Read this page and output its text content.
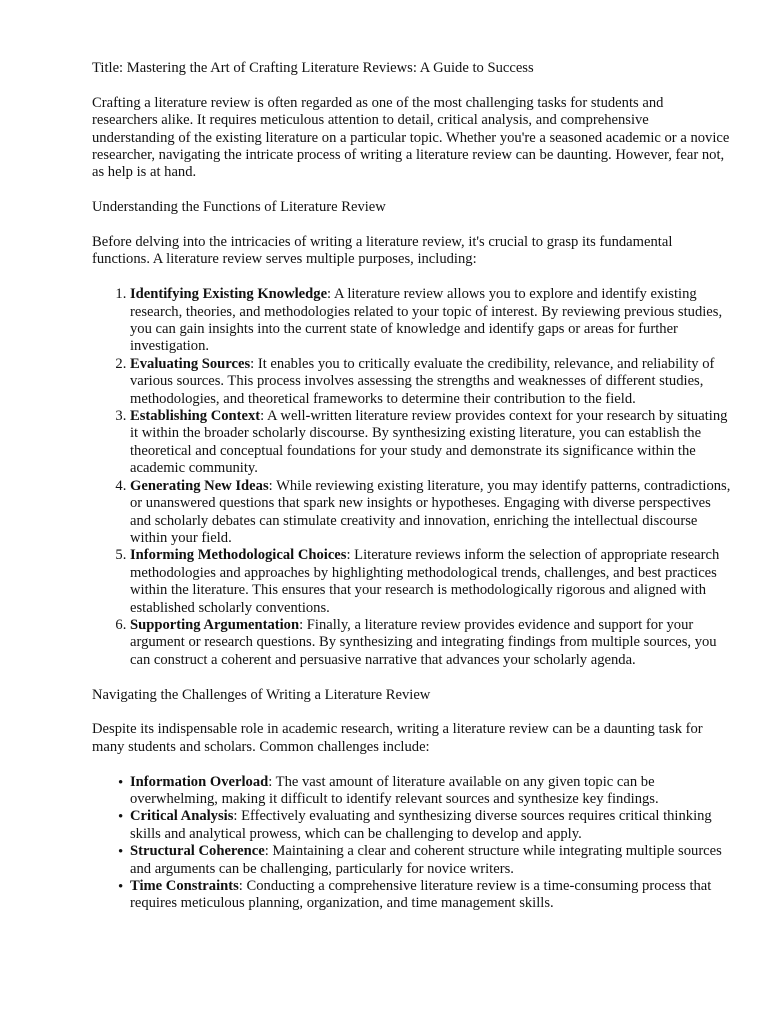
Title: Mastering the Art of Crafting Literature Reviews: A Guide to Success

Crafting a literature review is often regarded as one of the most challenging tasks for students and researchers alike. It requires meticulous attention to detail, critical analysis, and comprehensive understanding of the existing literature on a particular topic. Whether you're a seasoned academic or a novice researcher, navigating the intricate process of writing a literature review can be daunting. However, fear not, as help is at hand.

Understanding the Functions of Literature Review

Before delving into the intricacies of writing a literature review, it's crucial to grasp its fundamental functions. A literature review serves multiple purposes, including:

1. Identifying Existing Knowledge: A literature review allows you to explore and identify existing research, theories, and methodologies related to your topic of interest. By reviewing previous studies, you can gain insights into the current state of knowledge and identify gaps or areas for further investigation.
2. Evaluating Sources: It enables you to critically evaluate the credibility, relevance, and reliability of various sources. This process involves assessing the strengths and weaknesses of different studies, methodologies, and theoretical frameworks to determine their contribution to the field.
3. Establishing Context: A well-written literature review provides context for your research by situating it within the broader scholarly discourse. By synthesizing existing literature, you can establish the theoretical and conceptual foundations for your study and demonstrate its significance within the academic community.
4. Generating New Ideas: While reviewing existing literature, you may identify patterns, contradictions, or unanswered questions that spark new insights or hypotheses. Engaging with diverse perspectives and scholarly debates can stimulate creativity and innovation, enriching the intellectual discourse within your field.
5. Informing Methodological Choices: Literature reviews inform the selection of appropriate research methodologies and approaches by highlighting methodological trends, challenges, and best practices within the literature. This ensures that your research is methodologically rigorous and aligned with established scholarly conventions.
6. Supporting Argumentation: Finally, a literature review provides evidence and support for your argument or research questions. By synthesizing and integrating findings from multiple sources, you can construct a coherent and persuasive narrative that advances your scholarly agenda.

Navigating the Challenges of Writing a Literature Review

Despite its indispensable role in academic research, writing a literature review can be a daunting task for many students and scholars. Common challenges include:

• Information Overload: The vast amount of literature available on any given topic can be overwhelming, making it difficult to identify relevant sources and synthesize key findings.
• Critical Analysis: Effectively evaluating and synthesizing diverse sources requires critical thinking skills and analytical prowess, which can be challenging to develop and apply.
• Structural Coherence: Maintaining a clear and coherent structure while integrating multiple sources and arguments can be challenging, particularly for novice writers.
• Time Constraints: Conducting a comprehensive literature review is a time-consuming process that requires meticulous planning, organization, and time management skills.
